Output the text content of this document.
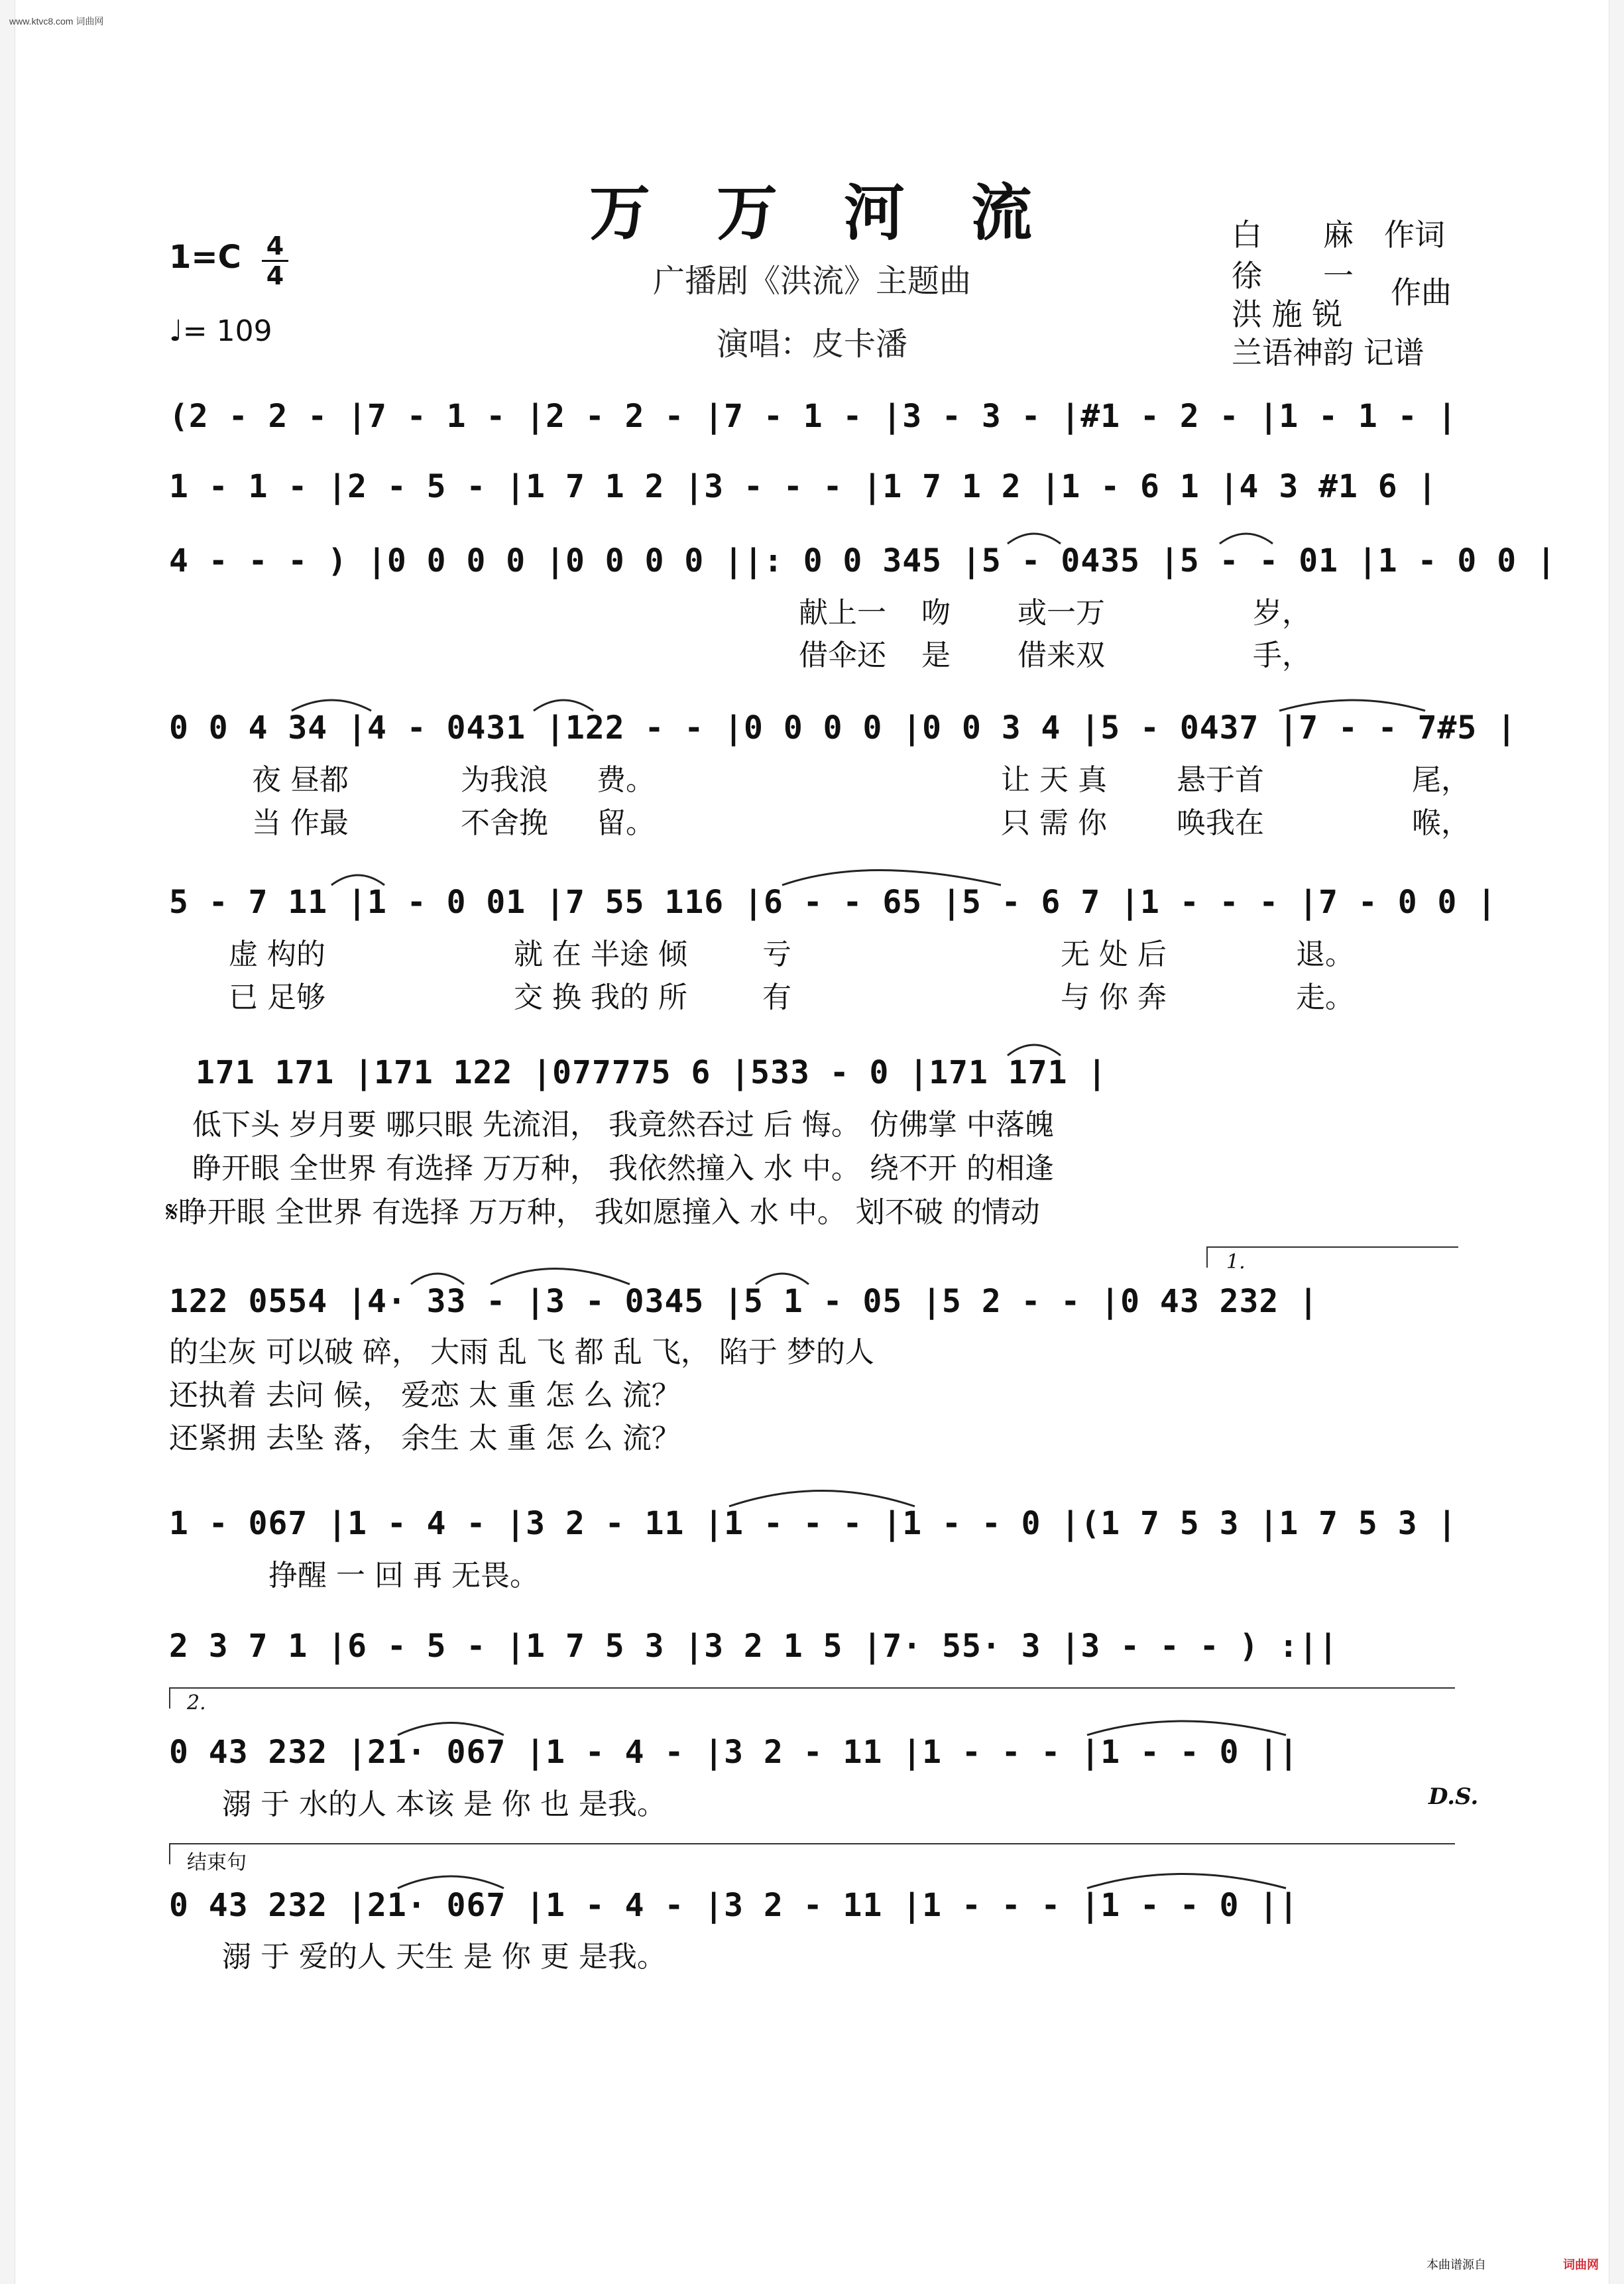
www.ktvc8.com 词曲网
万 万 河 流
广播剧《洪流》主题曲
演唱：皮卡潘
1=C 4
4
♩= 109
白　　麻　作词
徐　　一 作曲
洪 施 锐
兰语神韵 记谱
(2 - 2 - |7 - 1 - |2 - 2 - |7 - 1 - |3 - 3 - |#1 - 2 - |1 - 1 - |
1 - 1 - |2 - 5 - |1 7 1 2 |3 - - - |1 7 1 2 |1 - 6 1 |4 3 #1 6 |
4 - - - ) |0 0 0 0 |0 0 0 0 ||: 0 0 345 |5 - 0435 |5 - - 01 |1 - 0 0 |
0 0 4 34 |4 - 0431 |122 - - |0 0 0 0 |0 0 3 4 |5 - 0437 |7 - - 7#5 |
5 - 7 11 |1 - 0 01 |7 55 116 |6 - - 65 |5 - 6 7 |1 - - - |7 - 0 0 |
171 171 |171 122 |077775 6 |533 - 0 |171 171 |
122 0554 |4· 33 - |3 - 0345 |5 1 - 05 |5 2 - - |0 43 232 |
1 - 067 |1 - 4 - |3 2 - 11 |1 - - - |1 - - 0 |(1 7 5 3 |1 7 5 3 |
2 3 7 1 |6 - 5 - |1 7 5 3 |3 2 1 5 |7· 55· 3 |3 - - - ) :||
0 43 232 |21· 067 |1 - 4 - |3 2 - 11 |1 - - - |1 - - 0 ||
0 43 232 |21· 067 |1 - 4 - |3 2 - 11 |1 - - - |1 - - 0 ||
献上一 吻 或一万	岁，
借伞还 是 借来双	手，
夜 昼都	为我浪 费。	让 天 真 悬于首	尾，
当 作最	不舍挽 留。	只 需 你 唤我在	喉，
虚 构的	就 在 半途 倾	亏	无 处 后	退。
已 足够	交 换 我的 所	有	与 你 奔	走。
低下头 岁月要 哪只眼 先流泪， 我竟然吞过 后 悔。 仿佛掌 中落魄
睁开眼 全世界 有选择 万万种， 我依然撞入 水 中。 绕不开 的相逢
𝄋睁开眼 全世界 有选择 万万种， 我如愿撞入 水 中。 划不破 的情动
1.
的尘灰 可以破 碎， 大雨 乱 飞 都 乱 飞， 陷于 梦的人
还执着 去问 候， 爱恋 太 重 怎 么 流？
还紧拥 去坠 落， 余生 太 重 怎 么 流？
挣醒 一 回 再 无畏。
2.
溺 于 水的人 本该 是 你 也 是我。	D.S.
结束句
溺 于 爱的人 天生 是 你 更 是我。
本曲谱源自	词曲网
